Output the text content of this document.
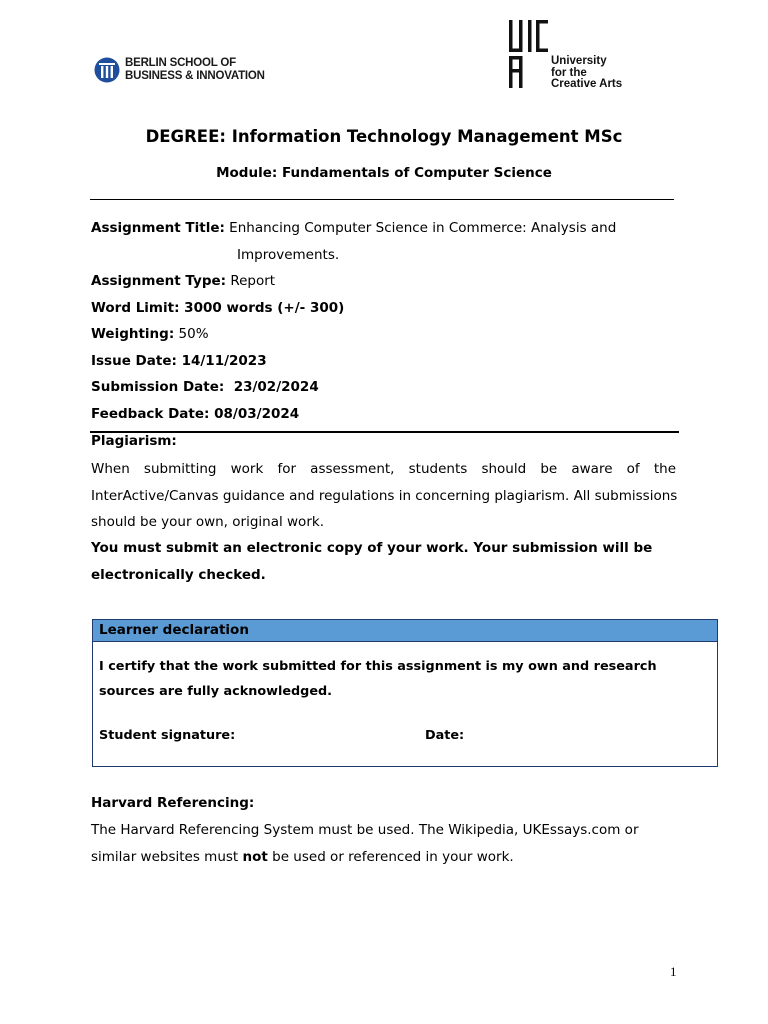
BERLIN SCHOOL OF
BUSINESS & INNOVATION
University
for the
Creative Arts
DEGREE: Information Technology Management MSc
Module: Fundamentals of Computer Science
Assignment Title: Enhancing Computer Science in Commerce: Analysis and
Improvements.
Assignment Type: Report
Word Limit: 3000 words (+/- 300)
Weighting: 50%
Issue Date: 14/11/2023
Submission Date:  23/02/2024
Feedback Date: 08/03/2024
Plagiarism:
When submitting work for assessment, students should be aware of the
InterActive/Canvas guidance and regulations in concerning plagiarism. All submissions
should be your own, original work.
You must submit an electronic copy of your work. Your submission will be
electronically checked.
Learner declaration
I certify that the work submitted for this assignment is my own and research sources are fully acknowledged.
Student signature:	Date:
Harvard Referencing:
The Harvard Referencing System must be used. The Wikipedia, UKEssays.com or
similar websites must not be used or referenced in your work.
1
